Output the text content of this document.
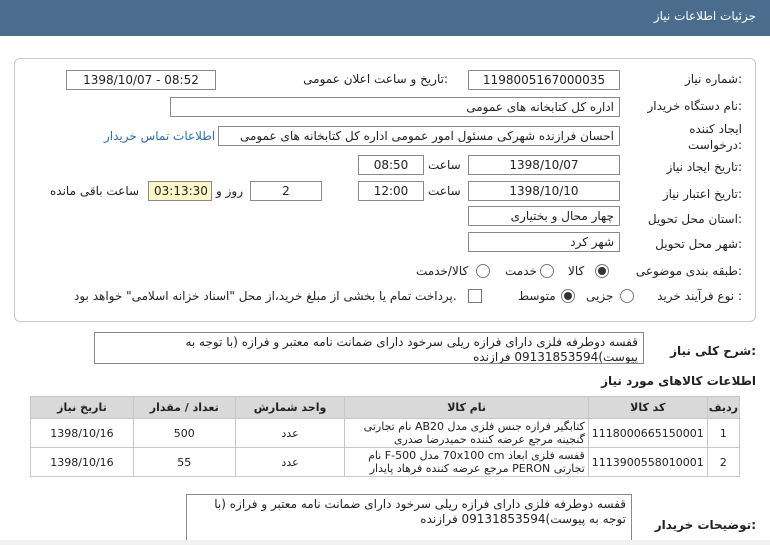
جزئیات اطلاعات نیاز
شماره نیاز:
1198005167000035
تاریخ و ساعت اعلان عمومی:
1398/10/07 - 08:52
نام دستگاه خریدار:
اداره کل کتابخانه های عمومی
ایجاد کننده
درخواست:
احسان فرازنده شهرکی مسئول امور عمومی اداره کل کتابخانه های عمومی
اطلاعات تماس خریدار
تاریخ ایجاد نیاز:
1398/10/07
ساعت
08:50
تاریخ اعتبار نیاز:
1398/10/10
ساعت
12:00
2
روز و
03:13:30
ساعت باقی مانده
استان محل تحویل:
چهار محال و بختیاری
شهر محل تحویل:
شهر کرد
طبقه بندی موضوعی:
کالا
خدمت
کالا/خدمت
نوع فرآیند خرید :
جزیی
متوسط
پرداخت تمام یا بخشی از مبلغ خرید،از محل "اسناد خزانه اسلامی" خواهد بود.
شرح کلی نیاز:
قفسه دوطرفه فلزی دارای فرازه ریلی سرخود دارای ضمانت نامه معتبر و فرازه (با توجه به پیوست)09131853594 فرازنده
اطلاعات کالاهای مورد نیاز
ردیف	کد کالا	نام کالا	واحد شمارش	تعداد / مقدار	تاریخ نیاز
1	1118000665150001	کتابگیر فرازه جنس فلزی مدل AB20 نام تجارتی گنجینه مرجع عرضه کننده حمیدرضا صدری	عدد	500	1398/10/16
2	1113900558010001	قفسه فلزی ابعاد 70x100 cm مدل F-500 نام تجارتی PERON مرجع عرضه کننده فرهاد پایدار	عدد	55	1398/10/16
توضیحات خریدار:
قفسه دوطرفه فلزی دارای فرازه ریلی سرخود دارای ضمانت نامه معتبر و فرازه (با توجه به پیوست)09131853594 فرازنده
